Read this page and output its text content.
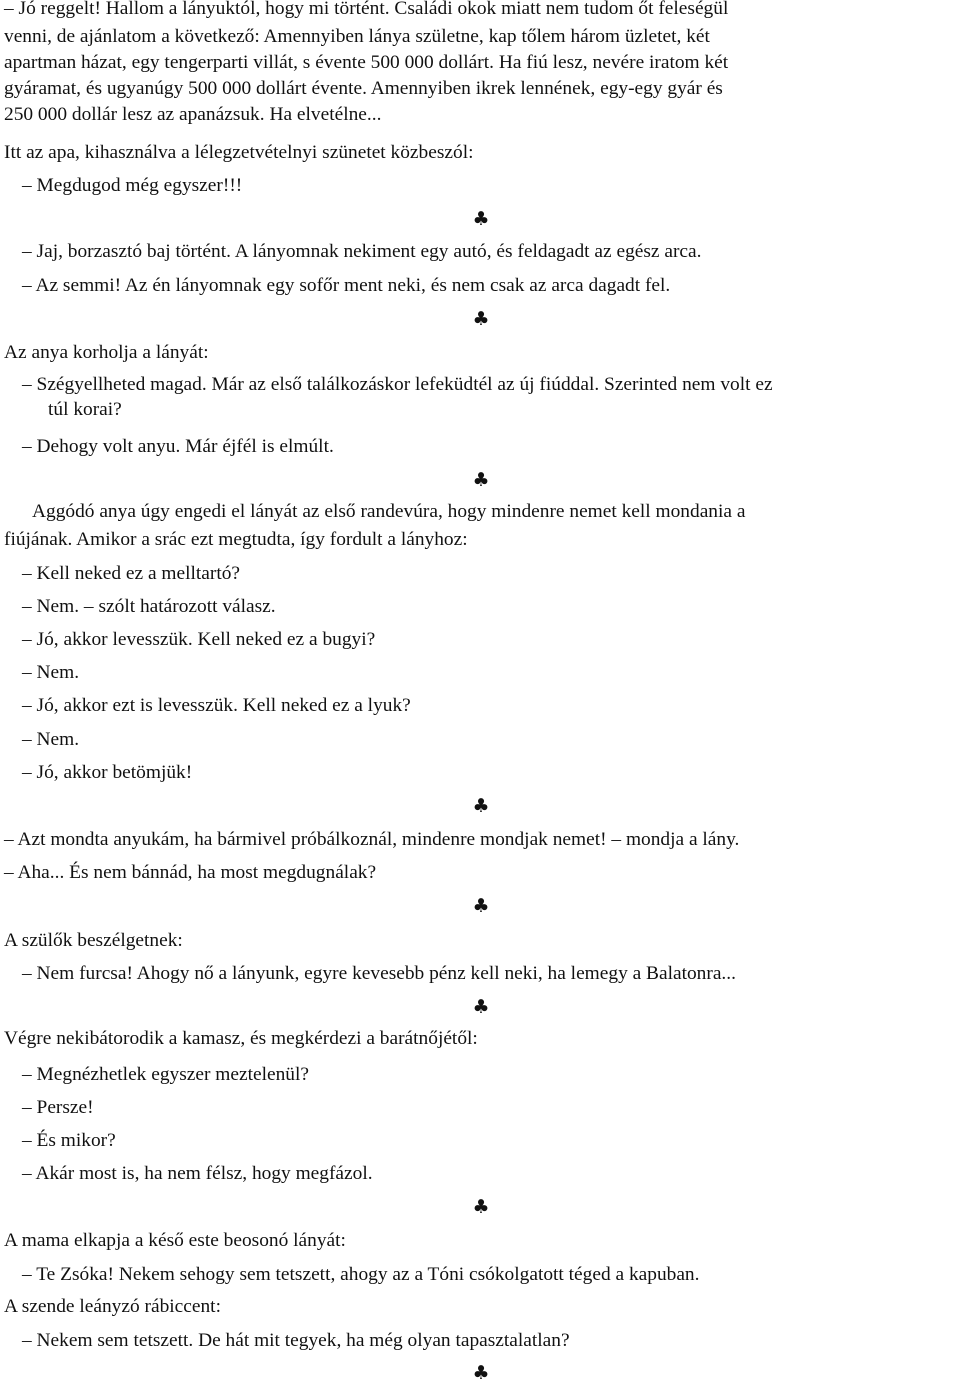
– Jó reggelt! Hallom a lányuktól, hogy mi történt. Családi okok miatt nem tudom őt feleségül
venni, de ajánlatom a következő: Amennyiben lánya születne, kap tőlem három üzletet, két
apartman házat, egy tengerparti villát, s évente 500 000 dollárt. Ha fiú lesz, nevére iratom két
gyáramat, és ugyanúgy 500 000 dollárt évente. Amennyiben ikrek lennének, egy-egy gyár és
250 000 dollár lesz az apanázsuk. Ha elvetélne...
Itt az apa, kihasználva a lélegzetvételnyi szünetet közbeszól:
– Megdugod még egyszer!!!
♣
– Jaj, borzasztó baj történt. A lányomnak nekiment egy autó, és feldagadt az egész arca.
– Az semmi! Az én lányomnak egy sofőr ment neki, és nem csak az arca dagadt fel.
♣
Az anya korholja a lányát:
– Szégyellheted magad. Már az első találkozáskor lefeküdtél az új fiúddal. Szerinted nem volt ez
túl korai?
– Dehogy volt anyu. Már éjfél is elmúlt.
♣
Aggódó anya úgy engedi el lányát az első randevúra, hogy mindenre nemet kell mondania a
fiújának. Amikor a srác ezt megtudta, így fordult a lányhoz:
– Kell neked ez a melltartó?
– Nem. – szólt határozott válasz.
– Jó, akkor levesszük. Kell neked ez a bugyi?
– Nem.
– Jó, akkor ezt is levesszük. Kell neked ez a lyuk?
– Nem.
– Jó, akkor betömjük!
♣
– Azt mondta anyukám, ha bármivel próbálkoznál, mindenre mondjak nemet! – mondja a lány.
– Aha... És nem bánnád, ha most megdugnálak?
♣
A szülők beszélgetnek:
– Nem furcsa! Ahogy nő a lányunk, egyre kevesebb pénz kell neki, ha lemegy a Balatonra...
♣
Végre nekibátorodik a kamasz, és megkérdezi a barátnőjétől:
– Megnézhetlek egyszer meztelenül?
– Persze!
– És mikor?
– Akár most is, ha nem félsz, hogy megfázol.
♣
A mama elkapja a késő este beosonó lányát:
– Te Zsóka! Nekem sehogy sem tetszett, ahogy az a Tóni csókolgatott téged a kapuban.
A szende leányzó rábiccent:
– Nekem sem tetszett. De hát mit tegyek, ha még olyan tapasztalatlan?
♣
